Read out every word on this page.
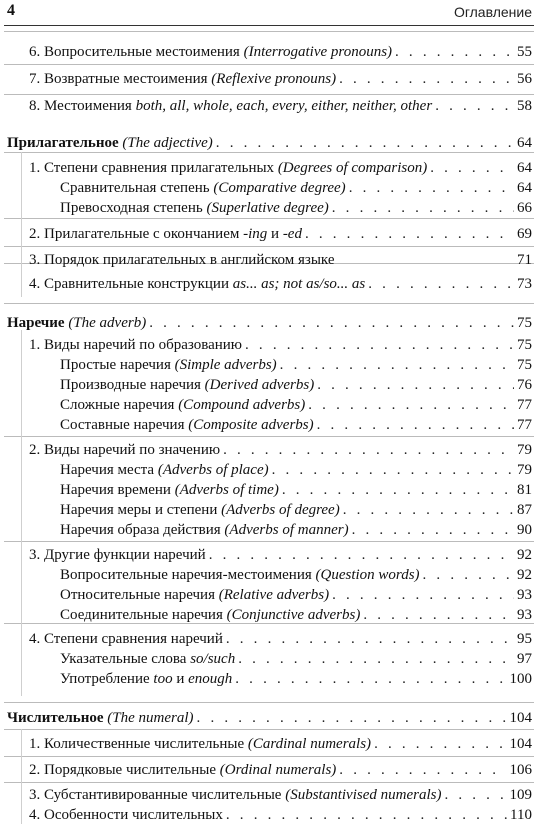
4	Оглавление
6. Вопросительные местоимения (Interrogative pronouns) . . .	55
7. Возвратные местоимения (Reflexive pronouns) . . .	56
8. Местоимения both, all, whole, each, every, either, neither, other . . .	58
Прилагательное (The adjective) . . .	64
1. Степени сравнения прилагательных (Degrees of comparison) . . .	64
Сравнительная степень (Comparative degree) . . .	64
Превосходная степень (Superlative degree) . . .	66
2. Прилагательные с окончанием -ing и -ed . . .	69
3. Порядок прилагательных в английском языке	71
4. Сравнительные конструкции as... as; not as/so... as . . .	73
Наречие (The adverb) . . .	75
1. Виды наречий по образованию . . .	75
Простые наречия (Simple adverbs) . . .	75
Производные наречия (Derived adverbs) . . .	76
Сложные наречия (Compound adverbs) . . .	77
Составные наречия (Composite adverbs) . . .	77
2. Виды наречий по значению . . .	79
Наречия места (Adverbs of place) . . .	79
Наречия времени (Adverbs of time) . . .	81
Наречия меры и степени (Adverbs of degree) . . .	87
Наречия образа действия (Adverbs of manner) . . .	90
3. Другие функции наречий . . .	92
Вопросительные наречия-местоимения (Question words) . . .	92
Относительные наречия (Relative adverbs) . . .	93
Соединительные наречия (Conjunctive adverbs) . . .	93
4. Степени сравнения наречий . . .	95
Указательные слова so/such . . .	97
Употребление too и enough . . .	100
Числительное (The numeral) . . .	104
1. Количественные числительные (Cardinal numerals) . . .	104
2. Порядковые числительные (Ordinal numerals) . . .	106
3. Субстантивированные числительные (Substantivised numerals) . . .	109
4. Особенности числительных . . .	110
